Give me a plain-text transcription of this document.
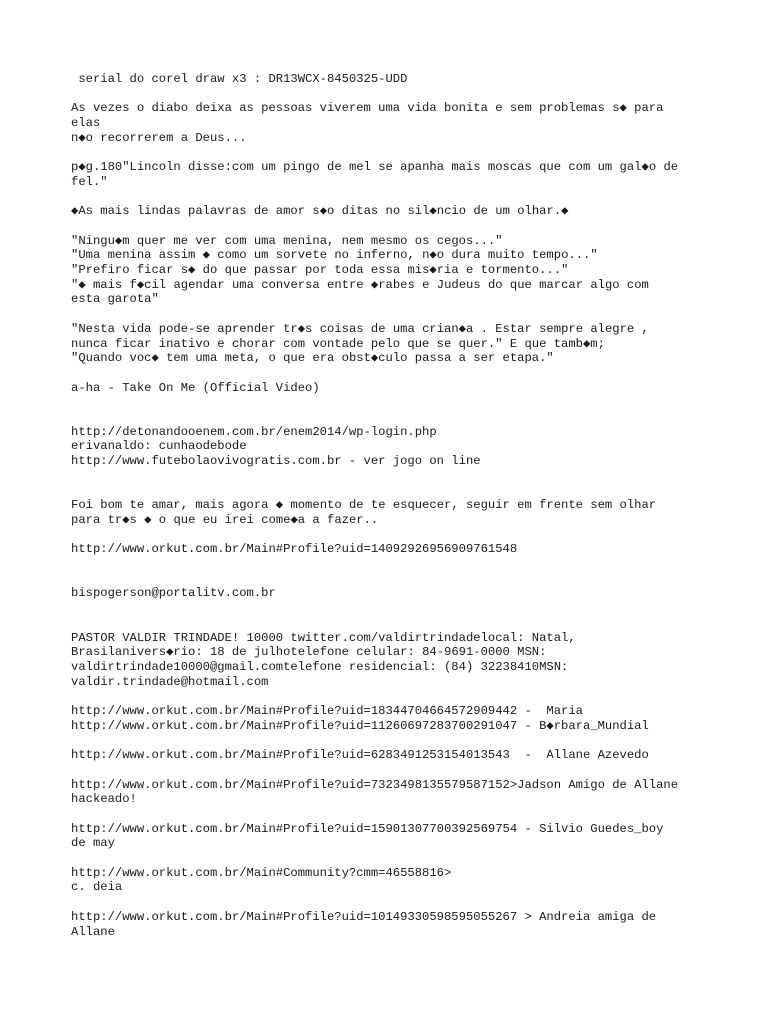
serial do corel draw x3 : DR13WCX-8450325-UDD
As vezes o diabo deixa as pessoas viverem uma vida bonita e sem problemas s◆ para
elas
n◆o recorrerem a Deus...
p◆g.180"Lincoln disse:com um pingo de mel se apanha mais moscas que com um gal◆o de
fel."
◆As mais lindas palavras de amor s◆o ditas no sil◆ncio de um olhar.◆
"Ningu◆m quer me ver com uma menina, nem mesmo os cegos..."
"Uma menina assim ◆ como um sorvete no inferno, n◆o dura muito tempo..."
"Prefiro ficar s◆ do que passar por toda essa mis◆ria e tormento..."
"◆ mais f◆cil agendar uma conversa entre ◆rabes e Judeus do que marcar algo com
esta garota"
"Nesta vida pode-se aprender tr◆s coisas de uma crian◆a . Estar sempre alegre ,
nunca ficar inativo e chorar com vontade pelo que se quer." E que tamb◆m;
"Quando voc◆ tem uma meta, o que era obst◆culo passa a ser etapa."
a-ha - Take On Me (Official Video)

http://detonandooenem.com.br/enem2014/wp-login.php
erivanaldo: cunhaodebode
http://www.futebolaovivogratis.com.br - ver jogo on line

Foi bom te amar, mais agora ◆ momento de te esquecer, seguir em frente sem olhar
para tr◆s ◆ o que eu irei come◆a a fazer..
http://www.orkut.com.br/Main#Profile?uid=14092926956909761548

bispogerson@portalitv.com.br

PASTOR VALDIR TRINDADE! 10000 twitter.com/valdirtrindadelocal: Natal,
Brasilanivers◆rio: 18 de julhotelefone celular: 84-9691-0000 MSN:
valdirtrindade10000@gmail.comtelefone residencial: (84) 32238410MSN:
valdir.trindade@hotmail.com
http://www.orkut.com.br/Main#Profile?uid=18344704664572909442 -  Maria
http://www.orkut.com.br/Main#Profile?uid=11260697283700291047 - B◆rbara_Mundial
http://www.orkut.com.br/Main#Profile?uid=6283491253154013543  -  Allane Azevedo
http://www.orkut.com.br/Main#Profile?uid=7323498135579587152>Jadson Amigo de Allane
hackeado!
http://www.orkut.com.br/Main#Profile?uid=15901307700392569754 - Silvio Guedes_boy
de may
http://www.orkut.com.br/Main#Community?cmm=46558816>
c. deia
http://www.orkut.com.br/Main#Profile?uid=10149330598595055267 > Andreia amiga de
Allane
